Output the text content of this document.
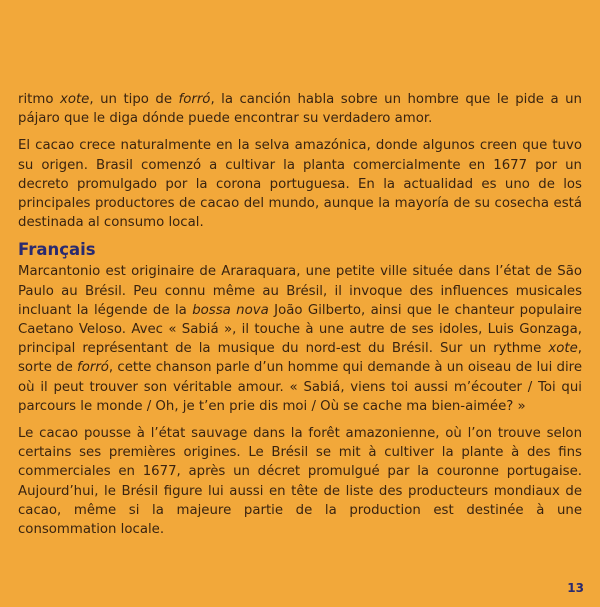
ritmo xote, un tipo de forró, la canción habla sobre un hombre que le pide a un pájaro que le diga dónde puede encontrar su verdadero amor.

El cacao crece naturalmente en la selva amazónica, donde algunos creen que tuvo su origen. Brasil comenzó a cultivar la planta comercialmente en 1677 por un decreto promulgado por la corona portuguesa. En la actualidad es uno de los principales productores de cacao del mundo, aunque la mayoría de su cosecha está destinada al consumo local.

Français

Marcantonio est originaire de Araraquara, une petite ville située dans l’état de São Paulo au Brésil. Peu connu même au Brésil, il invoque des influences musicales incluant la légende de la bossa nova João Gilberto, ainsi que le chanteur populaire Caetano Veloso. Avec « Sabiá », il touche à une autre de ses idoles, Luis Gonzaga, principal représentant de la musique du nord-est du Brésil. Sur un rythme xote, sorte de forró, cette chanson parle d’un homme qui demande à un oiseau de lui dire où il peut trouver son véritable amour. « Sabiá, viens toi aussi m’écouter / Toi qui parcours le monde / Oh, je t’en prie dis moi / Où se cache ma bien-aimée? »

Le cacao pousse à l’état sauvage dans la forêt amazonienne, où l’on trouve selon certains ses premières origines. Le Brésil se mit à cultiver la plante à des fins commerciales en 1677, après un décret promulgué par la couronne portugaise. Aujourd’hui, le Brésil figure lui aussi en tête de liste des producteurs mondiaux de cacao, même si la majeure partie de la production est destinée à une consommation locale.

13
